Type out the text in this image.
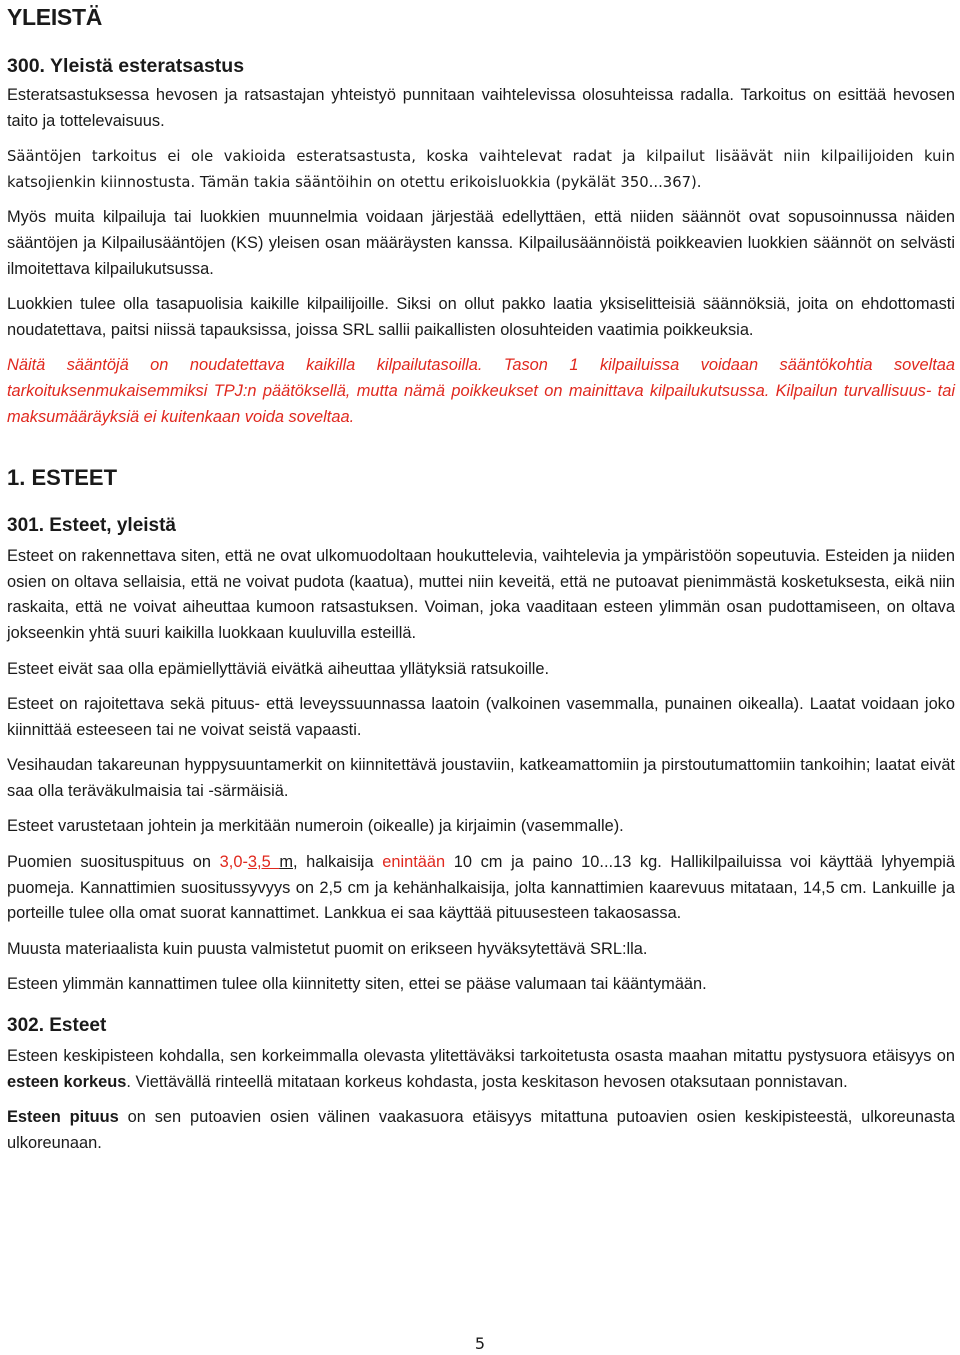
YLEISTÄ
300. Yleistä esteratsastus

Esteratsastuksessa hevosen ja ratsastajan yhteistyö punnitaan vaihtelevissa olosuhteissa radalla. Tarkoitus on esittää hevosen taito ja tottelevaisuus.

Sääntöjen tarkoitus ei ole vakioida esteratsastusta, koska vaihtelevat radat ja kilpailut lisäävät niin kilpailijoiden kuin katsojienkin kiinnostusta. Tämän takia sääntöihin on otettu erikoisluokkia (pykälät 350...367).

Myös muita kilpailuja tai luokkien muunnelmia voidaan järjestää edellyttäen, että niiden säännöt ovat sopusoinnussa näiden sääntöjen ja Kilpailusääntöjen (KS) yleisen osan määräysten kanssa. Kilpailusäännöistä poikkeavien luokkien säännöt on selvästi ilmoitettava kilpailukutsussa.

Luokkien tulee olla tasapuolisia kaikille kilpailijoille. Siksi on ollut pakko laatia yksiselitteisiä säännöksiä, joita on ehdottomasti noudatettava, paitsi niissä tapauksissa, joissa SRL sallii paikallisten olosuhteiden vaatimia poikkeuksia.

Näitä sääntöjä on noudatettava kaikilla kilpailutasoilla. Tason 1 kilpailuissa voidaan sääntökohtia soveltaa tarkoituksenmukaisemmiksi TPJ:n päätöksellä, mutta nämä poikkeukset on mainittava kilpailukutsussa. Kilpailun turvallisuus- tai maksumääräyksiä ei kuitenkaan voida soveltaa.

1. ESTEET
301. Esteet, yleistä

Esteet on rakennettava siten, että ne ovat ulkomuodoltaan houkuttelevia, vaihtelevia ja ympäristöön sopeutuvia. Esteiden ja niiden osien on oltava sellaisia, että ne voivat pudota (kaatua), muttei niin keveitä, että ne putoavat pienimmästä kosketuksesta, eikä niin raskaita, että ne voivat aiheuttaa kumoon ratsastuksen. Voiman, joka vaaditaan esteen ylimmän osan pudottamiseen, on oltava jokseenkin yhtä suuri kaikilla luokkaan kuuluvilla esteillä.

Esteet eivät saa olla epämiellyttäviä eivätkä aiheuttaa yllätyksiä ratsukoille.

Esteet on rajoitettava sekä pituus- että leveyssuunnassa laatoin (valkoinen vasemmalla, punainen oikealla). Laatat voidaan joko kiinnittää esteeseen tai ne voivat seistä vapaasti.

Vesihaudan takareunan hyppysuuntamerkit on kiinnitettävä joustaviin, katkeamattomiin ja pirstoutumattomiin tankoihin; laatat eivät saa olla teräväkulmaisia tai -särmäisiä.

Esteet varustetaan johtein ja merkitään numeroin (oikealle) ja kirjaimin (vasemmalle).

Puomien suosituspituus on 3,0-3,5 m, halkaisija enintään 10 cm ja paino 10...13 kg. Hallikilpailuissa voi käyttää lyhyempiä puomeja. Kannattimien suositussyvyys on 2,5 cm ja kehänhalkaisija, jolta kannattimien kaarevuus mitataan, 14,5 cm. Lankuille ja porteille tulee olla omat suorat kannattimet. Lankkua ei saa käyttää pituusesteen takaosassa.

Muusta materiaalista kuin puusta valmistetut puomit on erikseen hyväksytettävä SRL:lla.

Esteen ylimmän kannattimen tulee olla kiinnitetty siten, ettei se pääse valumaan tai kääntymään.

302. Esteet

Esteen keskipisteen kohdalla, sen korkeimmalla olevasta ylitettäväksi tarkoitetusta osasta maahan mitattu pystysuora etäisyys on esteen korkeus. Viettävällä rinteellä mitataan korkeus kohdasta, josta keskitason hevosen otaksutaan ponnistavan.

Esteen pituus on sen putoavien osien välinen vaakasuora etäisyys mitattuna putoavien osien keskipisteestä, ulkoreunasta ulkoreunaan.

5
